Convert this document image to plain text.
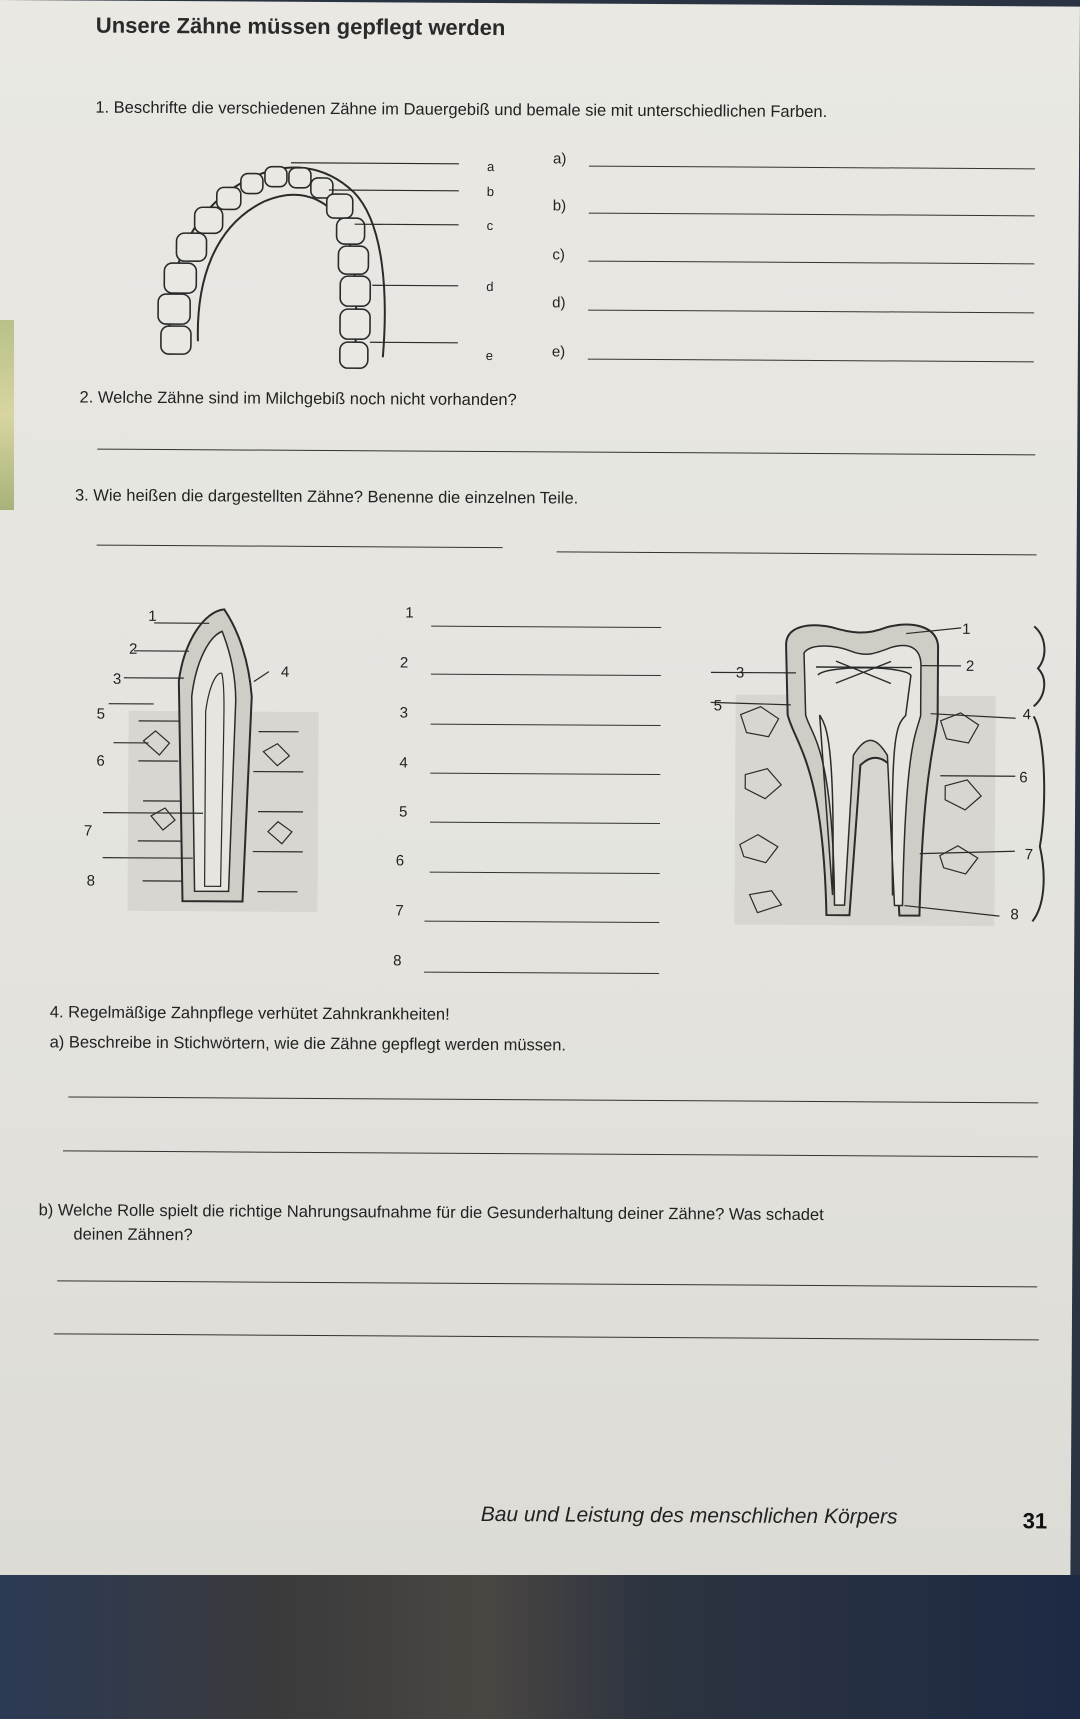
Unsere Zähne müssen gepflegt werden
1. Beschrifte die verschiedenen Zähne im Dauergebiß und bemale sie mit unterschiedlichen Farben.
a
b
c
d
e
a)
b)
c)
d)
e)
2. Welche Zähne sind im Milchgebiß noch nicht vorhanden?
3. Wie heißen die dargestellten Zähne? Benenne die einzelnen Teile.
1
2
3	4
5
6
7
8
1
2
3
4
5
6
7
8
1
2
3
4
5
6
7
8
4. Regelmäßige Zahnpflege verhütet Zahnkrankheiten!
a) Beschreibe in Stichwörtern, wie die Zähne gepflegt werden müssen.
b) Welche Rolle spielt die richtige Nahrungsaufnahme für die Gesunderhaltung deiner Zähne? Was schadet
deinen Zähnen?
Bau und Leistung des menschlichen Körpers	31
